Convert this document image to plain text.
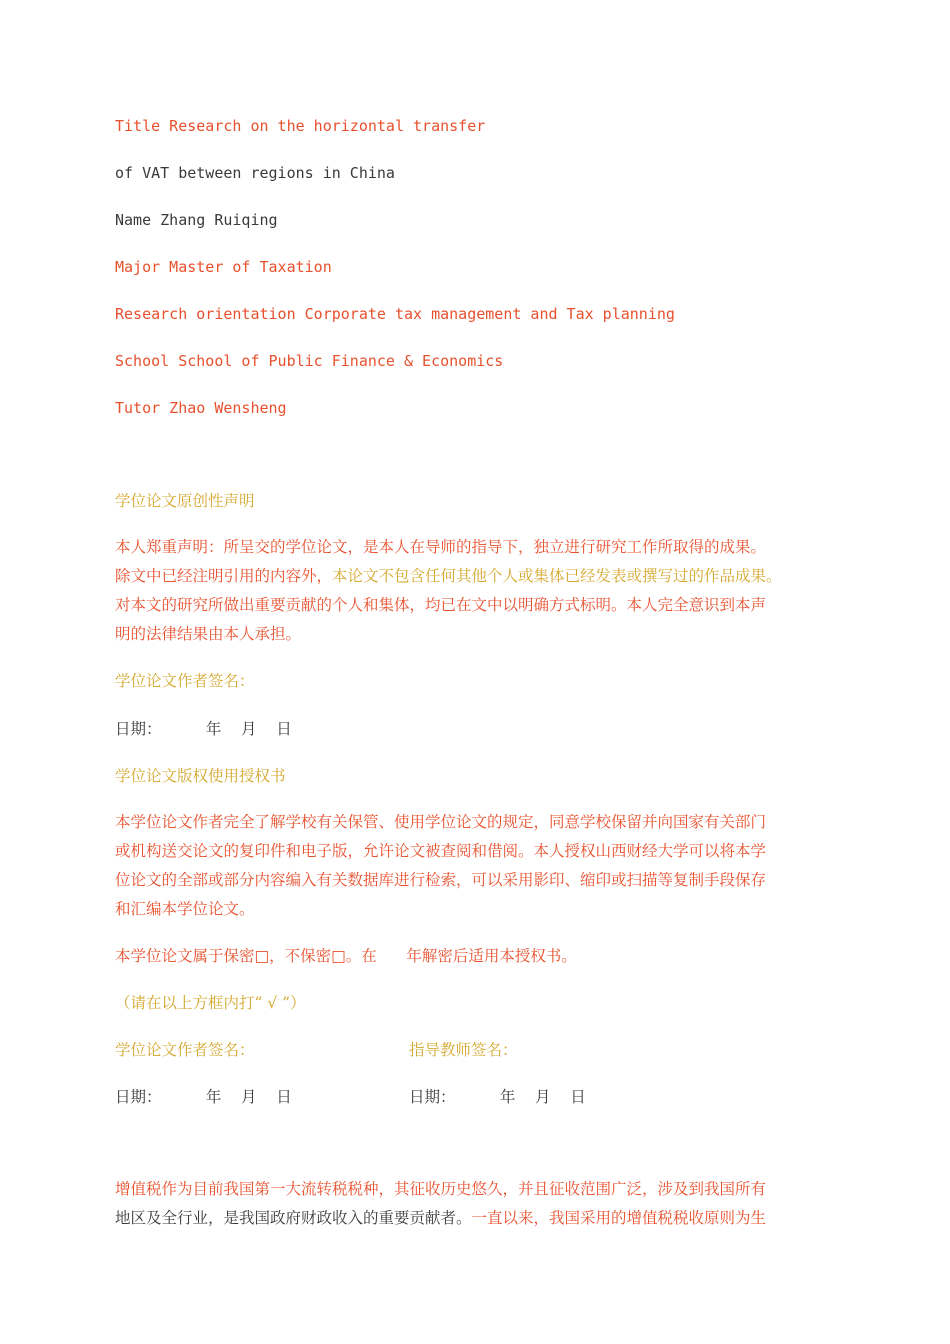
Title Research on the horizontal transfer

of VAT between regions in China

Name Zhang Ruiqing

Major Master of Taxation

Research orientation Corporate tax management and Tax planning

School School of Public Finance & Economics

Tutor Zhao Wensheng

学位论文原创性声明

本人郑重声明：所呈交的学位论文，是本人在导师的指导下，独立进行研究工作所取得的成果。
除文中已经注明引用的内容外，本论文不包含任何其他个人或集体已经发表或撰写过的作品成果。
对本文的研究所做出重要贡献的个人和集体，均已在文中以明确方式标明。本人完全意识到本声
明的法律结果由本人承担。

学位论文作者签名：

日期：         年    月    日

学位论文版权使用授权书

本学位论文作者完全了解学校有关保管、使用学位论文的规定，同意学校保留并向国家有关部门
或机构送交论文的复印件和电子版，允许论文被查阅和借阅。本人授权山西财经大学可以将本学
位论文的全部或部分内容编入有关数据库进行检索，可以采用影印、缩印或扫描等复制手段保存
和汇编本学位论文。

本学位论文属于保密□，不保密□。在      年解密后适用本授权书。

（请在以上方框内打“ √ ”）

学位论文作者签名：	指导教师签名：

日期：         年    月    日	日期：         年    月    日

增值税作为目前我国第一大流转税税种，其征收历史悠久，并且征收范围广泛，涉及到我国所有
地区及全行业，是我国政府财政收入的重要贡献者。一直以来，我国采用的增值税税收原则为生
